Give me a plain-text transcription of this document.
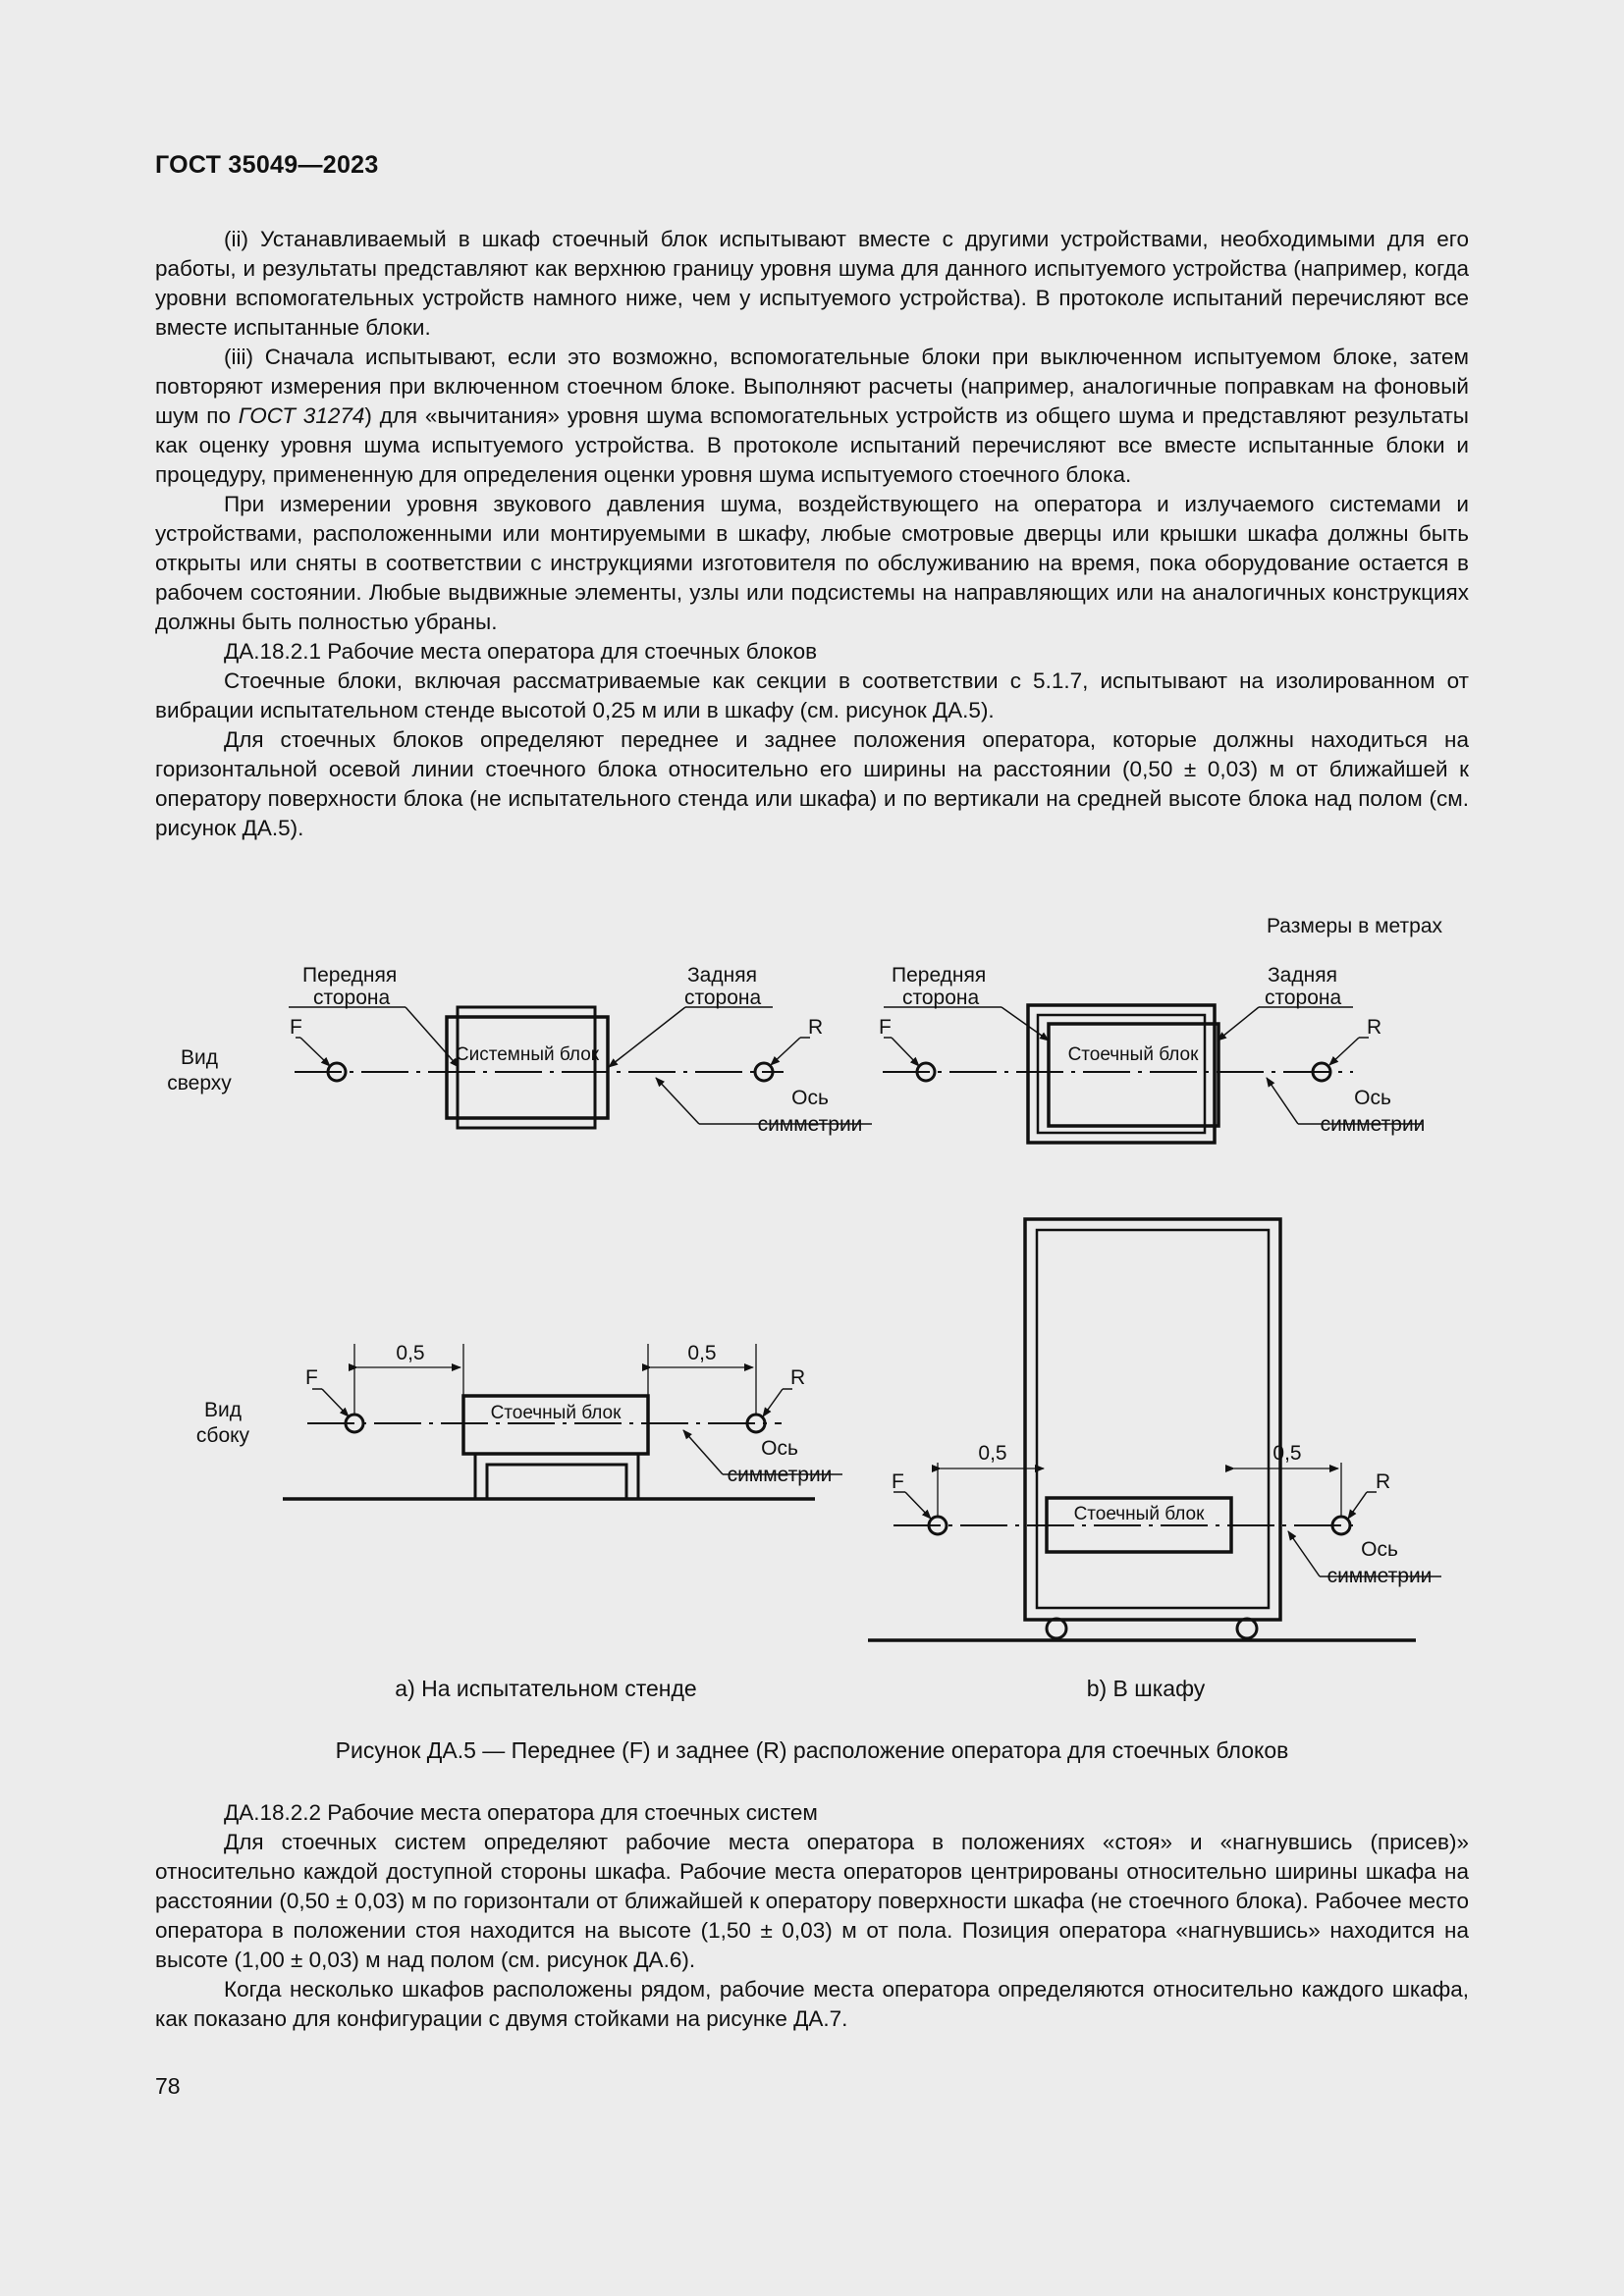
ГОСТ 35049—2023

(ii) Устанавливаемый в шкаф стоечный блок испытывают вместе с другими устройствами, необходимыми для его работы, и результаты представляют как верхнюю границу уровня шума для данного испытуемого устройства (например, когда уровни вспомогательных устройств намного ниже, чем у испытуемого устройства). В протоколе испытаний перечисляют все вместе испытанные блоки.

(iii) Сначала испытывают, если это возможно, вспомогательные блоки при выключенном испытуемом блоке, затем повторяют измерения при включенном стоечном блоке. Выполняют расчеты (например, аналогичные поправкам на фоновый шум по ГОСТ 31274) для «вычитания» уровня шума вспомогательных устройств из общего шума и представляют результаты как оценку уровня шума испытуемого устройства. В протоколе испытаний перечисляют все вместе испытанные блоки и процедуру, примененную для определения оценки уровня шума испытуемого стоечного блока.

При измерении уровня звукового давления шума, воздействующего на оператора и излучаемого системами и устройствами, расположенными или монтируемыми в шкафу, любые смотровые дверцы или крышки шкафа должны быть открыты или сняты в соответствии с инструкциями изготовителя по обслуживанию на время, пока оборудование остается в рабочем состоянии. Любые выдвижные элементы, узлы или подсистемы на направляющих или на аналогичных конструкциях должны быть полностью убраны.

ДА.18.2.1 Рабочие места оператора для стоечных блоков

Стоечные блоки, включая рассматриваемые как секции в соответствии с 5.1.7, испытывают на изолированном от вибрации испытательном стенде высотой 0,25 м или в шкафу (см. рисунок ДА.5).

Для стоечных блоков определяют переднее и заднее положения оператора, которые должны находиться на горизонтальной осевой линии стоечного блока относительно его ширины на расстоянии (0,50 ± 0,03) м от ближайшей к оператору поверхности блока (не испытательного стенда или шкафа) и по вертикали на средней высоте блока над полом (см. рисунок ДА.5).

Размеры в метрах
Передняя
сторона
Задняя
сторона
F	R
Вид
сверху
Системный блок
Ось
симметрии
Передняя
сторона
Задняя
сторона
F	R
Стоечный блок
Ось
симметрии
0,5	0,5
F	R
Вид
сбоку
Стоечный блок
Ось
симметрии
0,5	0,5
F	R
Стоечный блок
Ось
симметрии
а) На испытательном стенде	b) В шкафу
Рисунок ДА.5 — Переднее (F) и заднее (R) расположение оператора для стоечных блоков

ДА.18.2.2 Рабочие места оператора для стоечных систем

Для стоечных систем определяют рабочие места оператора в положениях «стоя» и «нагнувшись (присев)» относительно каждой доступной стороны шкафа. Рабочие места операторов центрированы относительно ширины шкафа на расстоянии (0,50 ± 0,03) м по горизонтали от ближайшей к оператору поверхности шкафа (не стоечного блока). Рабочее место оператора в положении стоя находится на высоте (1,50 ± 0,03) м от пола. Позиция оператора «нагнувшись» находится на высоте (1,00 ± 0,03) м над полом (см. рисунок ДА.6).

Когда несколько шкафов расположены рядом, рабочие места оператора определяются относительно каждого шкафа, как показано для конфигурации с двумя стойками на рисунке ДА.7.

78
